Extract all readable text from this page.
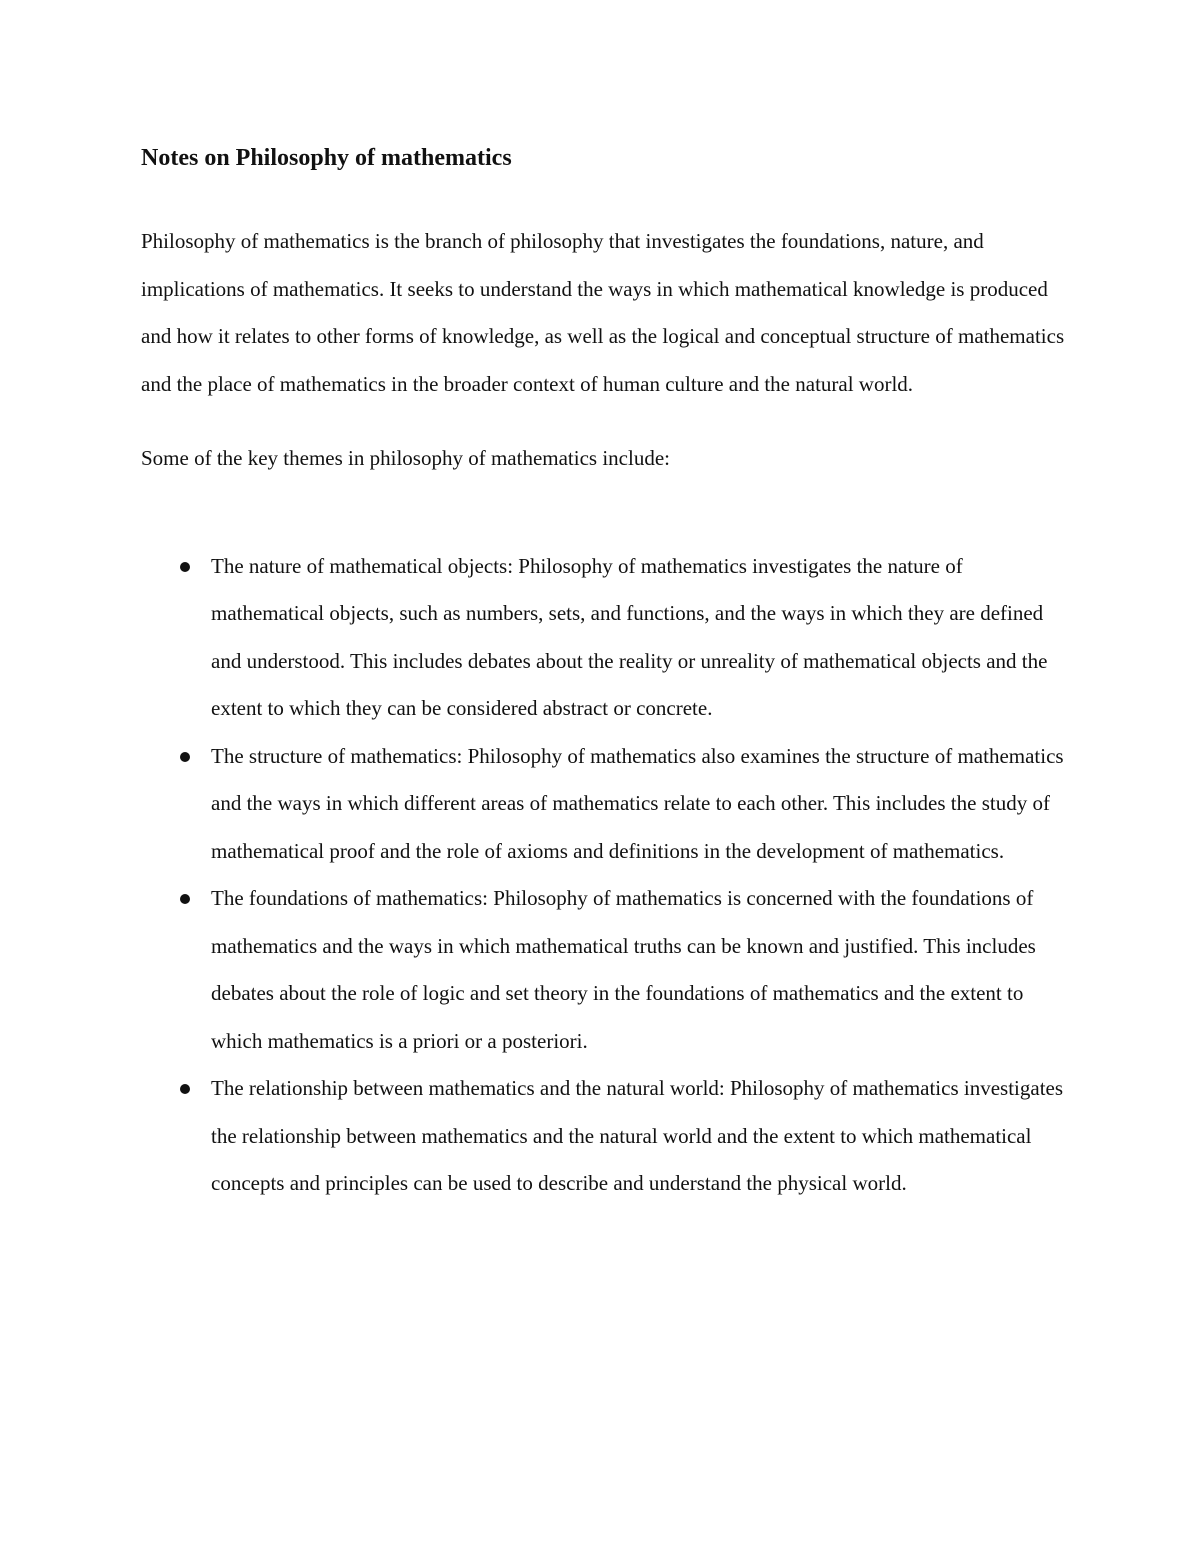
Notes on Philosophy of mathematics

Philosophy of mathematics is the branch of philosophy that investigates the foundations, nature, and implications of mathematics. It seeks to understand the ways in which mathematical knowledge is produced and how it relates to other forms of knowledge, as well as the logical and conceptual structure of mathematics and the place of mathematics in the broader context of human culture and the natural world.

Some of the key themes in philosophy of mathematics include:

The nature of mathematical objects: Philosophy of mathematics investigates the nature of mathematical objects, such as numbers, sets, and functions, and the ways in which they are defined and understood. This includes debates about the reality or unreality of mathematical objects and the extent to which they can be considered abstract or concrete.
The structure of mathematics: Philosophy of mathematics also examines the structure of mathematics and the ways in which different areas of mathematics relate to each other. This includes the study of mathematical proof and the role of axioms and definitions in the development of mathematics.
The foundations of mathematics: Philosophy of mathematics is concerned with the foundations of mathematics and the ways in which mathematical truths can be known and justified. This includes debates about the role of logic and set theory in the foundations of mathematics and the extent to which mathematics is a priori or a posteriori.
The relationship between mathematics and the natural world: Philosophy of mathematics investigates the relationship between mathematics and the natural world and the extent to which mathematical concepts and principles can be used to describe and understand the physical world.
